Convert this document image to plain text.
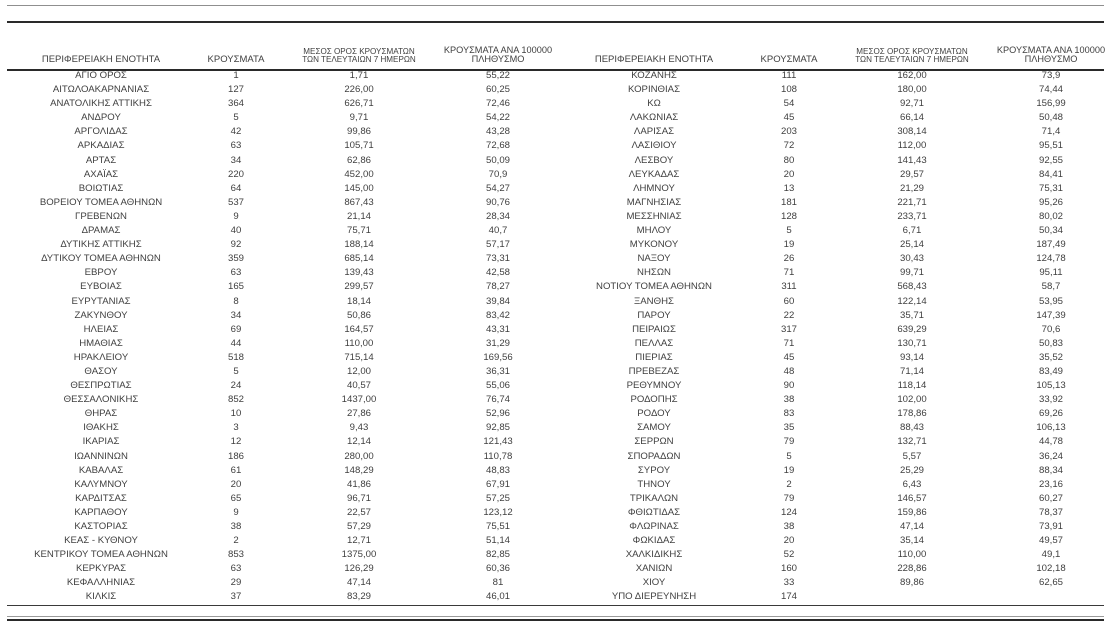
ΠΕΡΙΦΕΡΕΙΑΚΗ ΕΝΟΤΗΤΑ	ΚΡΟΥΣΜΑΤΑ	
ΜΕΣΟΣ ΟΡΟΣ ΚΡΟΥΣΜΑΤΩΝ
ΤΩΝ ΤΕΛΕΥΤΑΙΩΝ 7 ΗΜΕΡΩΝ

ΚΡΟΥΣΜΑΤΑ ΑΝΑ 100000
ΠΛΗΘΥΣΜΟ

ΑΓΙΟ ΟΡΟΣ	1	1,71	55,22
ΑΙΤΩΛΟΑΚΑΡΝΑΝΙΑΣ	127	226,00	60,25
ΑΝΑΤΟΛΙΚΗΣ ΑΤΤΙΚΗΣ	364	626,71	72,46
ΑΝΔΡΟΥ	5	9,71	54,22
ΑΡΓΟΛΙΔΑΣ	42	99,86	43,28
ΑΡΚΑΔΙΑΣ	63	105,71	72,68
ΑΡΤΑΣ	34	62,86	50,09
ΑΧΑΪΑΣ	220	452,00	70,9
ΒΟΙΩΤΙΑΣ	64	145,00	54,27
ΒΟΡΕΙΟΥ ΤΟΜΕΑ ΑΘΗΝΩΝ	537	867,43	90,76
ΓΡΕΒΕΝΩΝ	9	21,14	28,34
ΔΡΑΜΑΣ	40	75,71	40,7
ΔΥΤΙΚΗΣ ΑΤΤΙΚΗΣ	92	188,14	57,17
ΔΥΤΙΚΟΥ ΤΟΜΕΑ ΑΘΗΝΩΝ	359	685,14	73,31
ΕΒΡΟΥ	63	139,43	42,58
ΕΥΒΟΙΑΣ	165	299,57	78,27
ΕΥΡΥΤΑΝΙΑΣ	8	18,14	39,84
ΖΑΚΥΝΘΟΥ	34	50,86	83,42
ΗΛΕΙΑΣ	69	164,57	43,31
ΗΜΑΘΙΑΣ	44	110,00	31,29
ΗΡΑΚΛΕΙΟΥ	518	715,14	169,56
ΘΑΣΟΥ	5	12,00	36,31
ΘΕΣΠΡΩΤΙΑΣ	24	40,57	55,06
ΘΕΣΣΑΛΟΝΙΚΗΣ	852	1437,00	76,74
ΘΗΡΑΣ	10	27,86	52,96
ΙΘΑΚΗΣ	3	9,43	92,85
ΙΚΑΡΙΑΣ	12	12,14	121,43
ΙΩΑΝΝΙΝΩΝ	186	280,00	110,78
ΚΑΒΑΛΑΣ	61	148,29	48,83
ΚΑΛΥΜΝΟΥ	20	41,86	67,91
ΚΑΡΔΙΤΣΑΣ	65	96,71	57,25
ΚΑΡΠΑΘΟΥ	9	22,57	123,12
ΚΑΣΤΟΡΙΑΣ	38	57,29	75,51
ΚΕΑΣ - ΚΥΘΝΟΥ	2	12,71	51,14
ΚΕΝΤΡΙΚΟΥ ΤΟΜΕΑ ΑΘΗΝΩΝ	853	1375,00	82,85
ΚΕΡΚΥΡΑΣ	63	126,29	60,36
ΚΕΦΑΛΛΗΝΙΑΣ	29	47,14	81
ΚΙΛΚΙΣ	37	83,29	46,01
ΠΕΡΙΦΕΡΕΙΑΚΗ ΕΝΟΤΗΤΑ	ΚΡΟΥΣΜΑΤΑ	
ΜΕΣΟΣ ΟΡΟΣ ΚΡΟΥΣΜΑΤΩΝ
ΤΩΝ ΤΕΛΕΥΤΑΙΩΝ 7 ΗΜΕΡΩΝ

ΚΡΟΥΣΜΑΤΑ ΑΝΑ 100000
ΠΛΗΘΥΣΜΟ

ΚΟΖΑΝΗΣ	111	162,00	73,9
ΚΟΡΙΝΘΙΑΣ	108	180,00	74,44
ΚΩ	54	92,71	156,99
ΛΑΚΩΝΙΑΣ	45	66,14	50,48
ΛΑΡΙΣΑΣ	203	308,14	71,4
ΛΑΣΙΘΙΟΥ	72	112,00	95,51
ΛΕΣΒΟΥ	80	141,43	92,55
ΛΕΥΚΑΔΑΣ	20	29,57	84,41
ΛΗΜΝΟΥ	13	21,29	75,31
ΜΑΓΝΗΣΙΑΣ	181	221,71	95,26
ΜΕΣΣΗΝΙΑΣ	128	233,71	80,02
ΜΗΛΟΥ	5	6,71	50,34
ΜΥΚΟΝΟΥ	19	25,14	187,49
ΝΑΞΟΥ	26	30,43	124,78
ΝΗΣΩΝ	71	99,71	95,11
ΝΟΤΙΟΥ ΤΟΜΕΑ ΑΘΗΝΩΝ	311	568,43	58,7
ΞΑΝΘΗΣ	60	122,14	53,95
ΠΑΡΟΥ	22	35,71	147,39
ΠΕΙΡΑΙΩΣ	317	639,29	70,6
ΠΕΛΛΑΣ	71	130,71	50,83
ΠΙΕΡΙΑΣ	45	93,14	35,52
ΠΡΕΒΕΖΑΣ	48	71,14	83,49
ΡΕΘΥΜΝΟΥ	90	118,14	105,13
ΡΟΔΟΠΗΣ	38	102,00	33,92
ΡΟΔΟΥ	83	178,86	69,26
ΣΑΜΟΥ	35	88,43	106,13
ΣΕΡΡΩΝ	79	132,71	44,78
ΣΠΟΡΑΔΩΝ	5	5,57	36,24
ΣΥΡΟΥ	19	25,29	88,34
ΤΗΝΟΥ	2	6,43	23,16
ΤΡΙΚΑΛΩΝ	79	146,57	60,27
ΦΘΙΩΤΙΔΑΣ	124	159,86	78,37
ΦΛΩΡΙΝΑΣ	38	47,14	73,91
ΦΩΚΙΔΑΣ	20	35,14	49,57
ΧΑΛΚΙΔΙΚΗΣ	52	110,00	49,1
ΧΑΝΙΩΝ	160	228,86	102,18
ΧΙΟΥ	33	89,86	62,65
ΥΠΟ ΔΙΕΡΕΥΝΗΣΗ	174		
